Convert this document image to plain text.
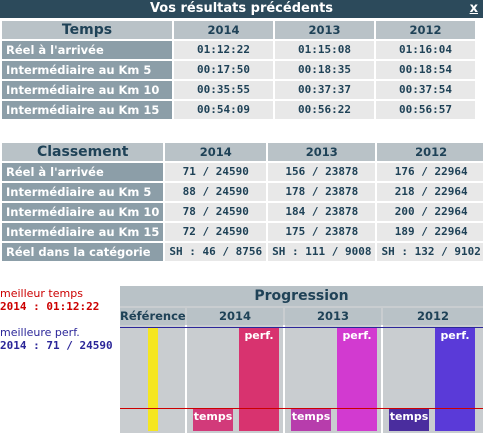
Vos résultats précédents	x
Temps	2014	2013	2012
Réel à l'arrivée	01:12:22	01:15:08	01:16:04
Intermédiaire au Km 5	00:17:50	00:18:35	00:18:54
Intermédiaire au Km 10	00:35:55	00:37:37	00:37:54
Intermédiaire au Km 15	00:54:09	00:56:22	00:56:57
Classement	2014	2013	2012
Réel à l'arrivée	71 / 24590	156 / 23878	176 / 22964
Intermédiaire au Km 5	88 / 24590	178 / 23878	218 / 22964
Intermédiaire au Km 10	78 / 24590	184 / 23878	200 / 22964
Intermédiaire au Km 15	72 / 24590	175 / 23878	189 / 22964
Réel dans la catégorie	SH : 46 / 8756	SH : 111 / 9008	SH : 132 / 9102
meilleur temps
2014 : 01:12:22
meilleure perf.
2014 : 71 / 24590
Progression
Référence	2014	2013	2012
temps
perf.
temps
perf.
temps
perf.
